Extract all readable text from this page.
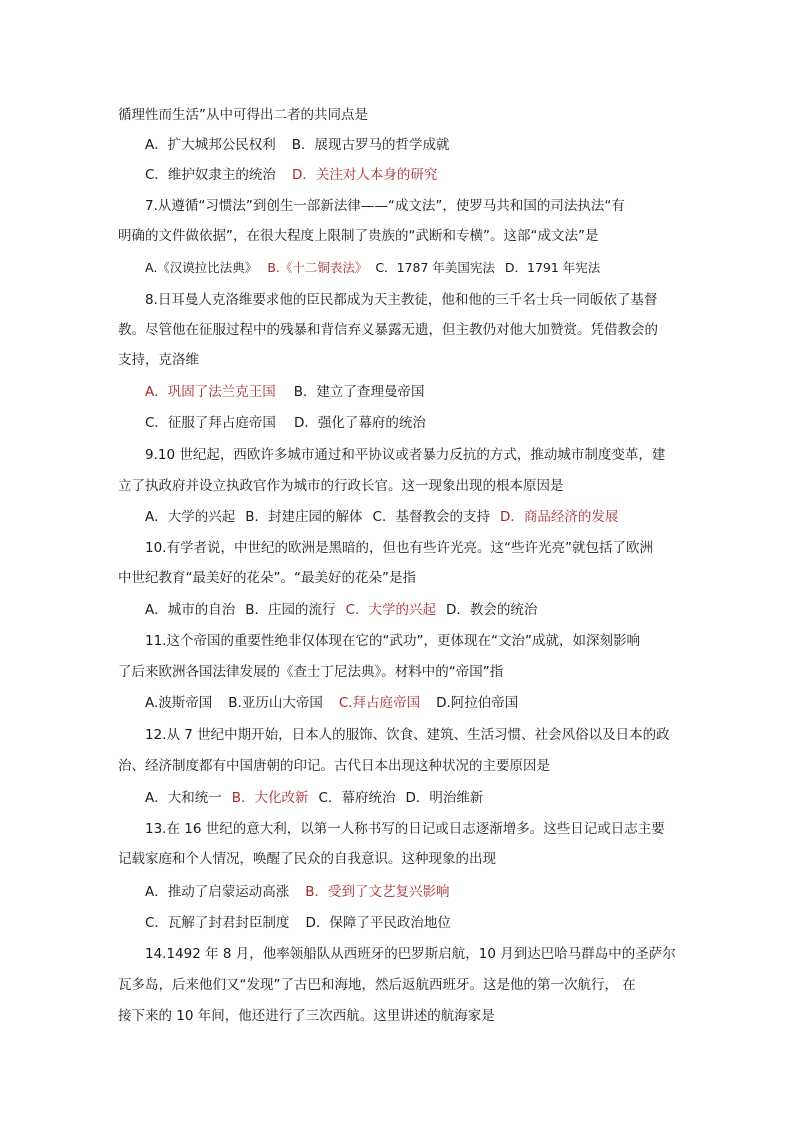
循理性而生活”从中可得出二者的共同点是
A．扩大城邦公民权利 B．展现古罗马的哲学成就
C．维护奴隶主的统治 D．关注对人本身的研究
7.从遵循“习惯法”到创生一部新法律——“成文法”，使罗马共和国的司法执法“有
明确的文件做依据”，在很大程度上限制了贵族的“武断和专横”。这部“成文法”是
A.《汉谟拉比法典》 B.《十二铜表法》 C．1787 年美国宪法 D．1791 年宪法
8.日耳曼人克洛维要求他的臣民都成为天主教徒，他和他的三千名士兵一同皈依了基督
教。尽管他在征服过程中的残暴和背信弃义暴露无遗，但主教仍对他大加赞赏。凭借教会的
支持，克洛维
A．巩固了法兰克王国 B．建立了查理曼帝国
C．征服了拜占庭帝国 D．强化了幕府的统治
9.10 世纪起，西欧许多城市通过和平协议或者暴力反抗的方式，推动城市制度变革，建
立了执政府并设立执政官作为城市的行政长官。这一现象出现的根本原因是
A．大学的兴起 B．封建庄园的解体 C．基督教会的支持 D．商品经济的发展
10.有学者说，中世纪的欧洲是黑暗的，但也有些许光亮。这“些许光亮”就包括了欧洲
中世纪教育“最美好的花朵”。“最美好的花朵”是指
A．城市的自治 B．庄园的流行 C．大学的兴起 D．教会的统治
11.这个帝国的重要性绝非仅体现在它的“武功”，更体现在“文治”成就，如深刻影响
了后来欧洲各国法律发展的《查士丁尼法典》。材料中的“帝国”指
A.波斯帝国 B.亚历山大帝国 C.拜占庭帝国 D.阿拉伯帝国
12.从 7 世纪中期开始，日本人的服饰、饮食、建筑、生活习惯、社会风俗以及日本的政
治、经济制度都有中国唐朝的印记。古代日本出现这种状况的主要原因是
A．大和统一 B．大化改新 C．幕府统治 D．明治维新
13.在 16 世纪的意大利，以第一人称书写的日记或日志逐渐增多。这些日记或日志主要
记载家庭和个人情况，唤醒了民众的自我意识。这种现象的出现
A．推动了启蒙运动高涨 B．受到了文艺复兴影响
C．瓦解了封君封臣制度 D．保障了平民政治地位
14.1492 年 8 月，他率领船队从西班牙的巴罗斯启航，10 月到达巴哈马群岛中的圣萨尔
瓦多岛，后来他们又“发现”了古巴和海地，然后返航西班牙。这是他的第一次航行， 在
接下来的 10 年间，他还进行了三次西航。这里讲述的航海家是
